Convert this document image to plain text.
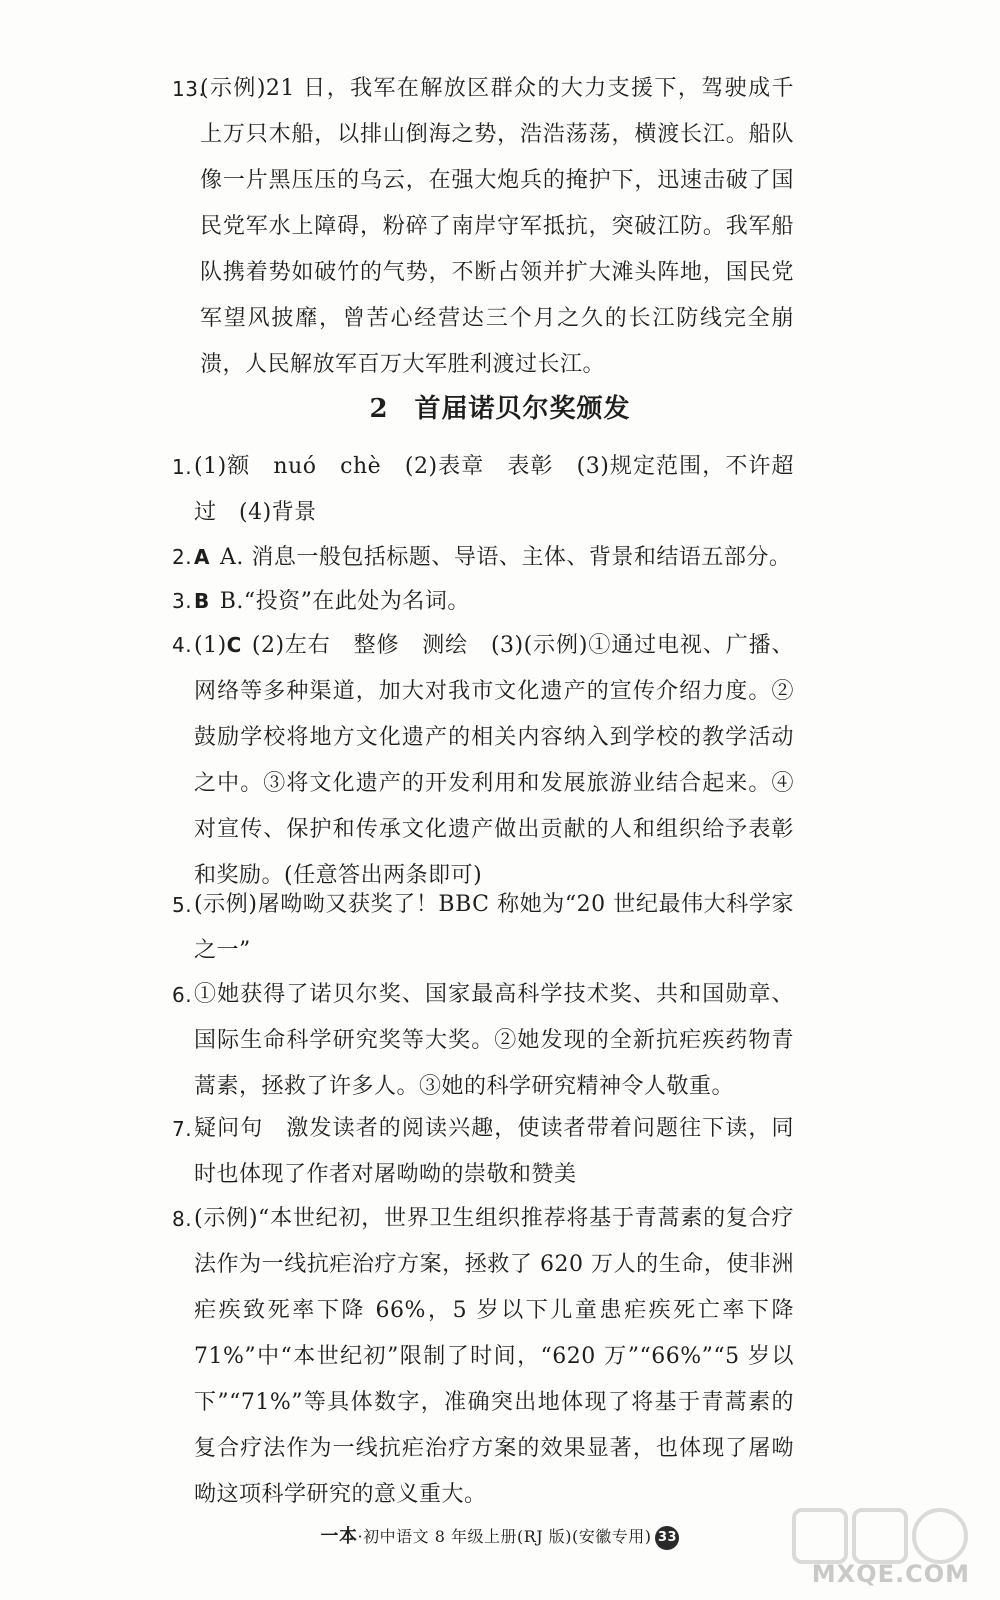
13.
(示例)21 日，我军在解放区群众的大力支援下，驾驶成千上万只木船，以排山倒海之势，浩浩荡荡，横渡长江。船队像一片黑压压的乌云，在强大炮兵的掩护下，迅速击破了国民党军水上障碍，粉碎了南岸守军抵抗，突破江防。我军船队携着势如破竹的气势，不断占领并扩大滩头阵地，国民党军望风披靡，曾苦心经营达三个月之久的长江防线完全崩溃，人民解放军百万大军胜利渡过长江。
2 首届诺贝尔奖颁发
1. (1)额　nuó　chè　(2)表章　表彰　(3)规定范围，不许超过　(4)背景
2. A A. 消息一般包括标题、导语、主体、背景和结语五部分。
3. B B.“投资”在此处为名词。
4. (1)C (2)左右　整修　测绘　(3)(示例)①通过电视、广播、网络等多种渠道，加大对我市文化遗产的宣传介绍力度。②鼓励学校将地方文化遗产的相关内容纳入到学校的教学活动之中。③将文化遗产的开发利用和发展旅游业结合起来。④对宣传、保护和传承文化遗产做出贡献的人和组织给予表彰和奖励。(任意答出两条即可)
5. (示例)屠呦呦又获奖了！BBC 称她为“20 世纪最伟大科学家之一”
6. ①她获得了诺贝尔奖、国家最高科学技术奖、共和国勋章、国际生命科学研究奖等大奖。②她发现的全新抗疟疾药物青蒿素，拯救了许多人。③她的科学研究精神令人敬重。
7. 疑问句　激发读者的阅读兴趣，使读者带着问题往下读，同时也体现了作者对屠呦呦的崇敬和赞美
8. (示例)“本世纪初，世界卫生组织推荐将基于青蒿素的复合疗法作为一线抗疟治疗方案，拯救了 620 万人的生命，使非洲疟疾致死率下降 66%，5 岁以下儿童患疟疾死亡率下降 71%”中“本世纪初”限制了时间，“620 万”“66%”“5 岁以下”“71%”等具体数字，准确突出地体现了将基于青蒿素的复合疗法作为一线抗疟治疗方案的效果显著，也体现了屠呦呦这项科学研究的意义重大。
一本·初中语文 8 年级上册(RJ 版)(安徽专用) 33
MXQE.COM
